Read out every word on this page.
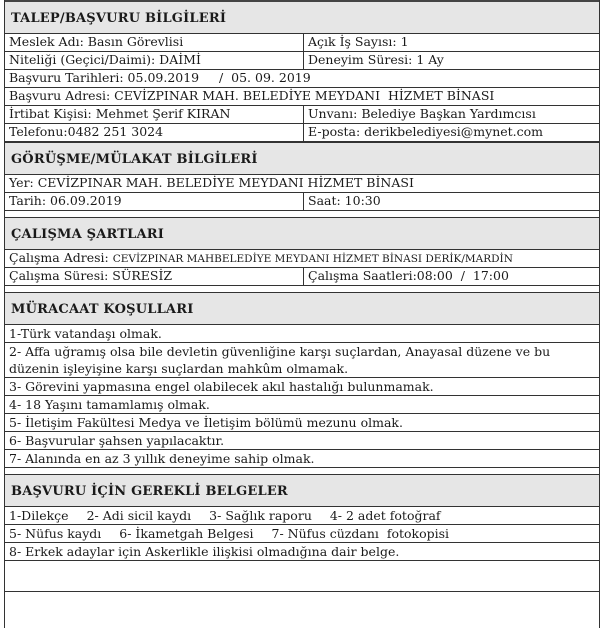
TALEP/BAŞVURU BİLGİLERİ
Meslek Adı: Basın Görevlisi	Açık İş Sayısı: 1
Niteliği (Geçici/Daimi): DAİMİ	Deneyim Süresi: 1 Ay
Başvuru Tarihleri: 05.09.2019     /  05. 09. 2019
Başvuru Adresi: CEVİZPINAR MAH. BELEDİYE MEYDANI  HİZMET BİNASI
İrtibat Kişisi: Mehmet Şerif KIRAN	Unvanı: Belediye Başkan Yardımcısı
Telefonu:0482 251 3024	E-posta: derikbelediyesi@mynet.com
GÖRÜŞME/MÜLAKAT BİLGİLERİ
Yer: CEVİZPINAR MAH. BELEDİYE MEYDANI HİZMET BİNASI
Tarih: 06.09.2019	Saat: 10:30
ÇALIŞMA ŞARTLARI
Çalışma Adresi: CEVİZPINAR MAHBELEDİYE MEYDANI HİZMET BİNASI DERİK/MARDİN
Çalışma Süresi: SÜRESİZ	Çalışma Saatleri:08:00  /  17:00
MÜRACAAT KOŞULLARI
1-Türk vatandaşı olmak.
2- Affa uğramış olsa bile devletin güvenliğine karşı suçlardan, Anayasal düzene ve bu düzenin işleyişine karşı suçlardan mahkûm olmamak.
3- Görevini yapmasına engel olabilecek akıl hastalığı bulunmamak.
4- 18 Yaşını tamamlamış olmak.
5- İletişim Fakültesi Medya ve İletişim bölümü mezunu olmak.
6- Başvurular şahsen yapılacaktır.
7- Alanında en az 3 yıllık deneyime sahip olmak.
BAŞVURU İÇİN GEREKLİ BELGELER
1-Dilekçe 2- Adi sicil kaydı 3- Sağlık raporu 4- 2 adet fotoğraf
5- Nüfus kaydı 6- İkametgah Belgesi 7- Nüfus cüzdanı  fotokopisi
8- Erkek adaylar için Askerlikle ilişkisi olmadığına dair belge.
